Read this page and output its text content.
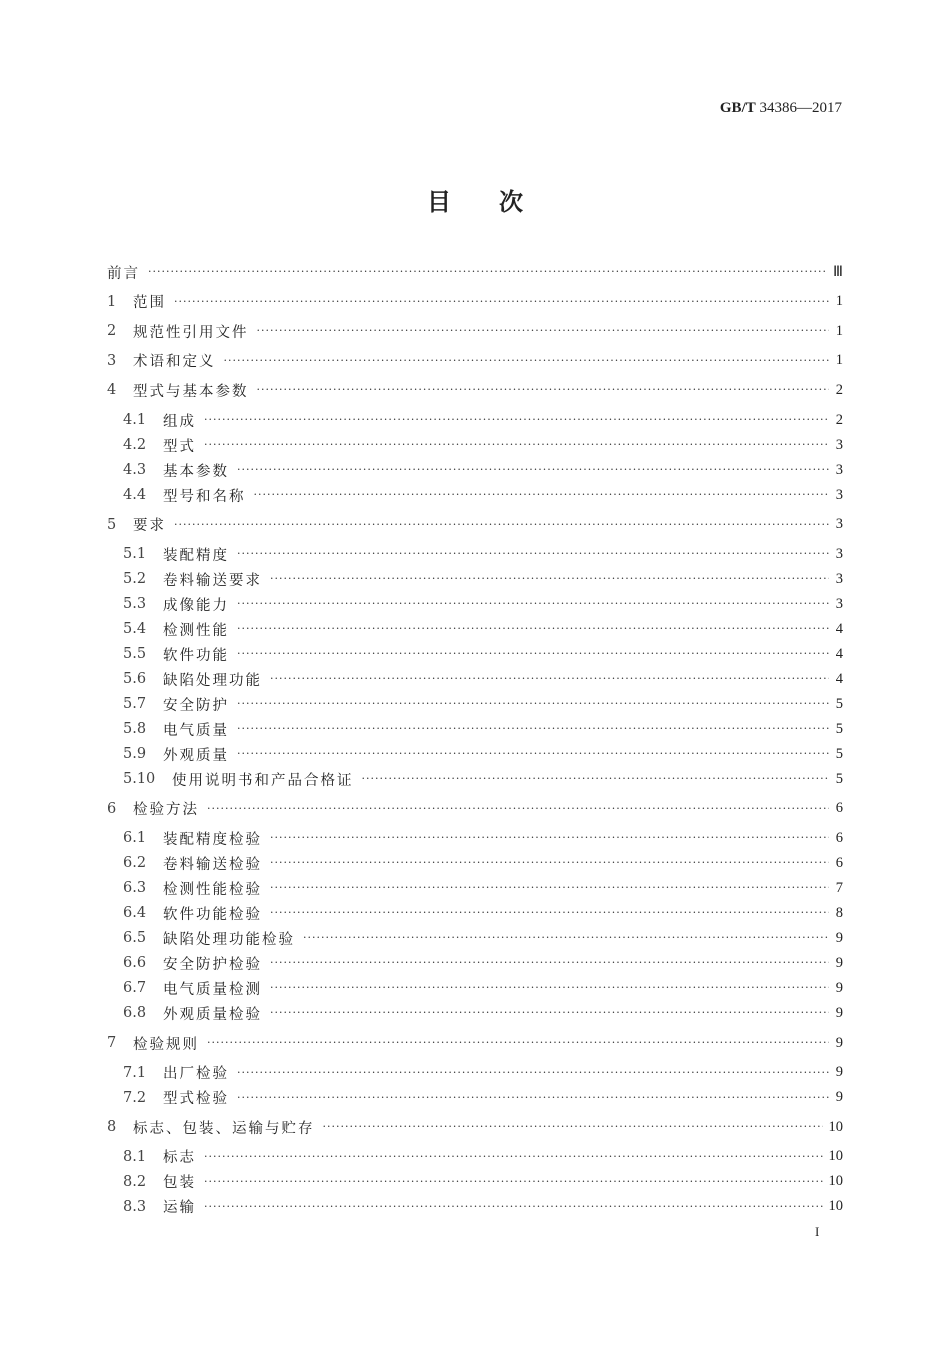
GB/T 34386—2017
目次
前言 ·····	Ⅲ
1	范围 ·····	1
2	规范性引用文件 ·····	1
3	术语和定义 ·····	1
4	型式与基本参数 ·····	2
4.1	组成 ·····	2
4.2	型式 ·····	3
4.3	基本参数 ·····	3
4.4	型号和名称 ·····	3
5	要求 ·····	3
5.1	装配精度 ·····	3
5.2	卷料输送要求 ·····	3
5.3	成像能力 ·····	3
5.4	检测性能 ·····	4
5.5	软件功能 ·····	4
5.6	缺陷处理功能 ·····	4
5.7	安全防护 ·····	5
5.8	电气质量 ·····	5
5.9	外观质量 ·····	5
5.10	使用说明书和产品合格证 ·····	5
6	检验方法 ·····	6
6.1	装配精度检验 ·····	6
6.2	卷料输送检验 ·····	6
6.3	检测性能检验 ·····	7
6.4	软件功能检验 ·····	8
6.5	缺陷处理功能检验 ·····	9
6.6	安全防护检验 ·····	9
6.7	电气质量检测 ·····	9
6.8	外观质量检验 ·····	9
7	检验规则 ·····	9
7.1	出厂检验 ·····	9
7.2	型式检验 ·····	9
8	标志、包装、运输与贮存 ·····	10
8.1	标志 ·····	10
8.2	包装 ·····	10
8.3	运输 ·····	10
I
